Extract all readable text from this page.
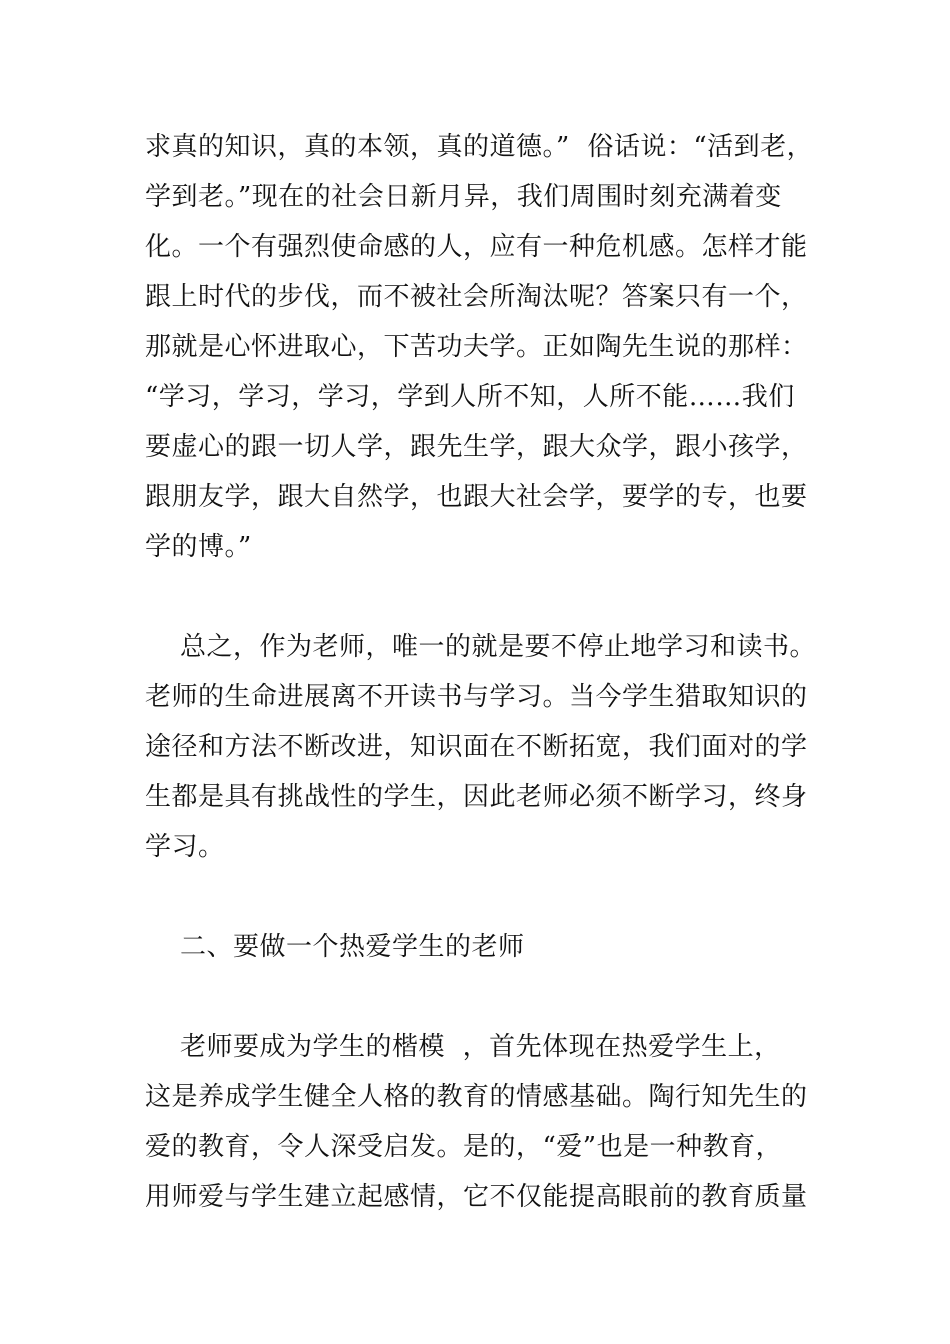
求真的知识，真的本领，真的道德。”  俗话说：“活到老，
学到老。”现在的社会日新月异，我们周围时刻充满着变
化。一个有强烈使命感的人，应有一种危机感。怎样才能
跟上时代的步伐，而不被社会所淘汰呢？答案只有一个，
那就是心怀进取心，下苦功夫学。正如陶先生说的那样：
“学习，学习，学习，学到人所不知，人所不能……我们
要虚心的跟一切人学，跟先生学，跟大众学，跟小孩学，
跟朋友学，跟大自然学，也跟大社会学，要学的专，也要
学的博。”
总之，作为老师，唯一的就是要不停止地学习和读书。
老师的生命进展离不开读书与学习。当今学生猎取知识的
途径和方法不断改进，知识面在不断拓宽，我们面对的学
生都是具有挑战性的学生，因此老师必须不断学习，终身
学习。
二、要做一个热爱学生的老师
老师要成为学生的楷模  ，首先体现在热爱学生上，
这是养成学生健全人格的教育的情感基础。陶行知先生的
爱的教育，令人深受启发。是的，“爱”也是一种教育，
用师爱与学生建立起感情，它不仅能提高眼前的教育质量
